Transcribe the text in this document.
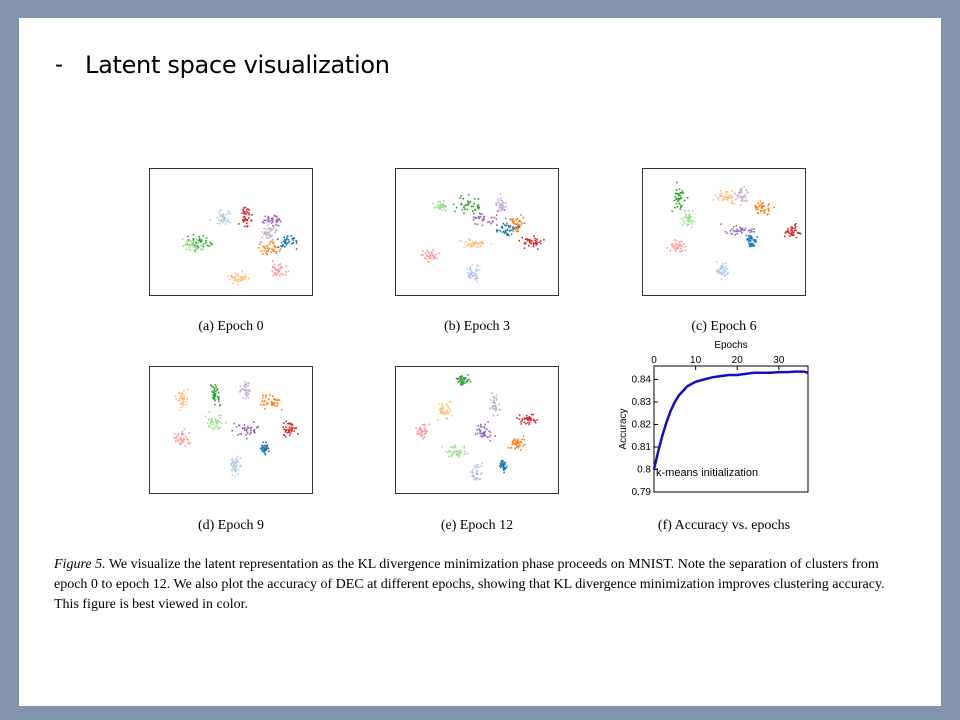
- Latent space visualization
(a) Epoch 0	(b) Epoch 3	(c) Epoch 6
(d) Epoch 9	(e) Epoch 12	(f) Accuracy vs. epochs
Epochs
Accuracy
0	10	20	30
0.79
0.8
0.81
0.82
0.83
0.84
k-means initialization
Figure 5. We visualize the latent representation as the KL divergence minimization phase proceeds on MNIST. Note the separation of clusters from epoch 0 to epoch 12. We also plot the accuracy of DEC at different epochs, showing that KL divergence minimization improves clustering accuracy. This figure is best viewed in color.
